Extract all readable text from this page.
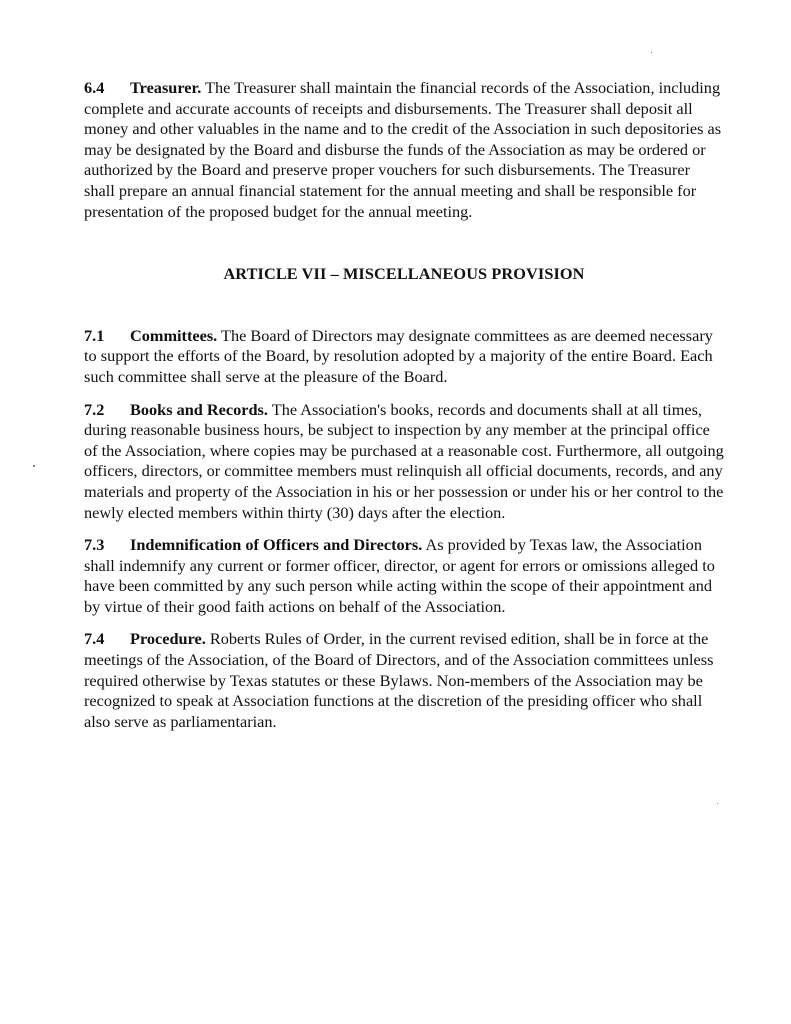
6.4 Treasurer. The Treasurer shall maintain the financial records of the Association, including complete and accurate accounts of receipts and disbursements. The Treasurer shall deposit all money and other valuables in the name and to the credit of the Association in such depositories as may be designated by the Board and disburse the funds of the Association as may be ordered or authorized by the Board and preserve proper vouchers for such disbursements. The Treasurer shall prepare an annual financial statement for the annual meeting and shall be responsible for presentation of the proposed budget for the annual meeting.

ARTICLE VII – MISCELLANEOUS PROVISION

7.1 Committees. The Board of Directors may designate committees as are deemed necessary to support the efforts of the Board, by resolution adopted by a majority of the entire Board. Each such committee shall serve at the pleasure of the Board.

7.2 Books and Records. The Association's books, records and documents shall at all times, during reasonable business hours, be subject to inspection by any member at the principal office of the Association, where copies may be purchased at a reasonable cost. Furthermore, all outgoing officers, directors, or committee members must relinquish all official documents, records, and any materials and property of the Association in his or her possession or under his or her control to the newly elected members within thirty (30) days after the election.

7.3 Indemnification of Officers and Directors. As provided by Texas law, the Association shall indemnify any current or former officer, director, or agent for errors or omissions alleged to have been committed by any such person while acting within the scope of their appointment and by virtue of their good faith actions on behalf of the Association.

7.4 Procedure. Roberts Rules of Order, in the current revised edition, shall be in force at the meetings of the Association, of the Board of Directors, and of the Association committees unless required otherwise by Texas statutes or these Bylaws. Non-members of the Association may be recognized to speak at Association functions at the discretion of the presiding officer who shall also serve as parliamentarian.
